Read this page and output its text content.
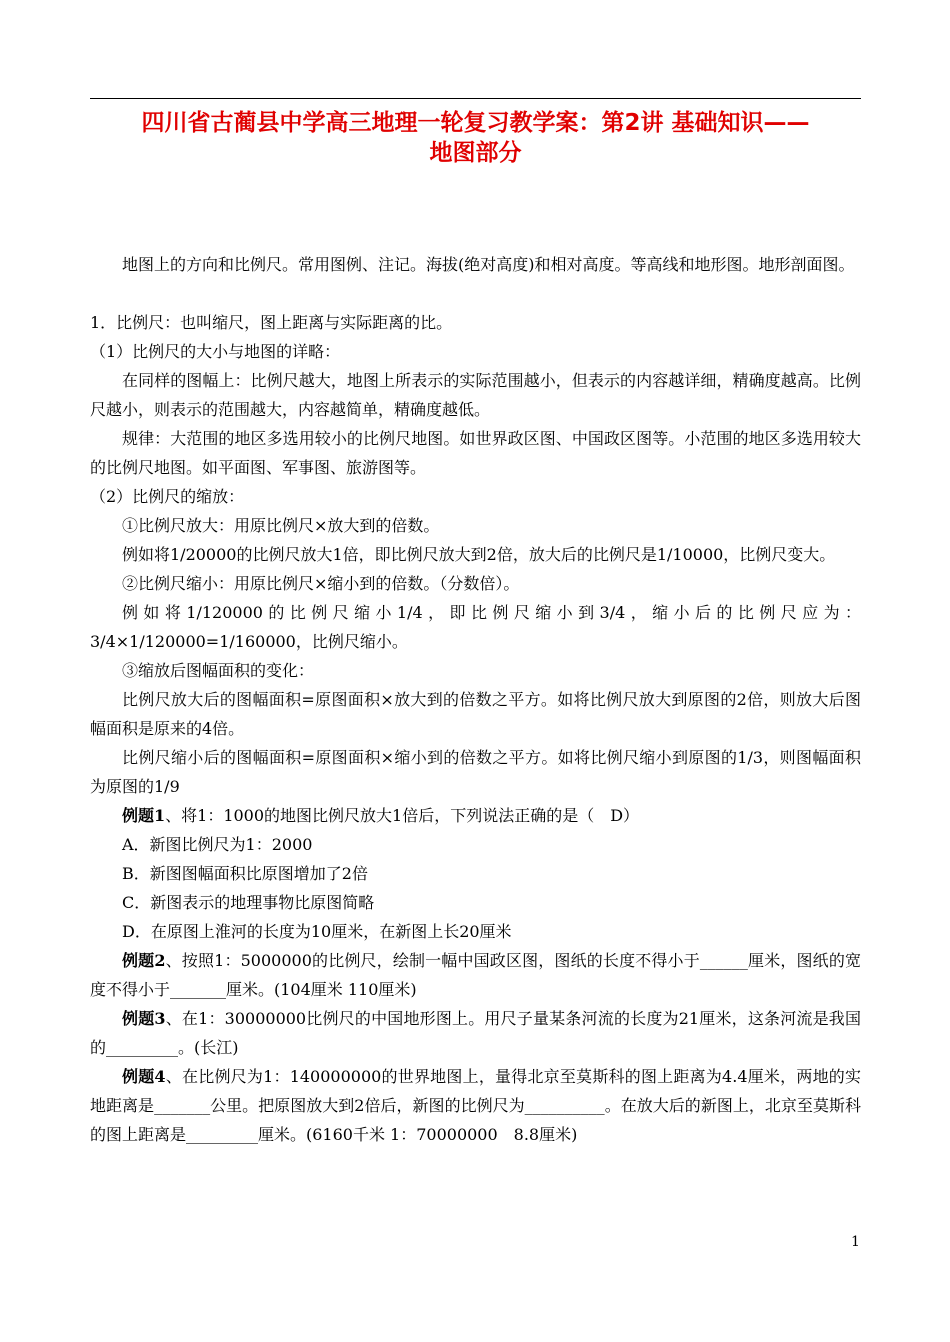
四川省古蔺县中学高三地理一轮复习教学案：第2讲 基础知识——
地图部分

地图上的方向和比例尺。常用图例、注记。海拔(绝对高度)和相对高度。等高线和地形图。地形剖面图。

1．比例尺：也叫缩尺，图上距离与实际距离的比。

（1）比例尺的大小与地图的详略：

在同样的图幅上：比例尺越大，地图上所表示的实际范围越小，但表示的内容越详细，精确度越高。比例尺越小，则表示的范围越大，内容越简单，精确度越低。

规律：大范围的地区多选用较小的比例尺地图。如世界政区图、中国政区图等。小范围的地区多选用较大的比例尺地图。如平面图、军事图、旅游图等。

（2）比例尺的缩放：

①比例尺放大：用原比例尺×放大到的倍数。

例如将1/20000的比例尺放大1倍，即比例尺放大到2倍，放大后的比例尺是1/10000，比例尺变大。

②比例尺缩小：用原比例尺×缩小到的倍数。（分数倍）。

例如将1/120000的比例尺缩小1/4，即比例尺缩小到3/4，缩小后的比例尺应为：3/4×1/120000=1/160000，比例尺缩小。

③缩放后图幅面积的变化：

比例尺放大后的图幅面积=原图面积×放大到的倍数之平方。如将比例尺放大到原图的2倍，则放大后图幅面积是原来的4倍。

比例尺缩小后的图幅面积=原图面积×缩小到的倍数之平方。如将比例尺缩小到原图的1/3，则图幅面积为原图的1/9

例题1、将1：1000的地图比例尺放大1倍后，下列说法正确的是（　D）

A．新图比例尺为1：2000

B．新图图幅面积比原图增加了2倍

C．新图表示的地理事物比原图简略

D．在原图上淮河的长度为10厘米，在新图上长20厘米

例题2、按照1：5000000的比例尺，绘制一幅中国政区图，图纸的长度不得小于______厘米，图纸的宽度不得小于_______厘米。(104厘米 110厘米)

例题3、在1：30000000比例尺的中国地形图上。用尺子量某条河流的长度为21厘米，这条河流是我国的_________。(长江)

例题4、在比例尺为1：140000000的世界地图上，量得北京至莫斯科的图上距离为4.4厘米，两地的实地距离是_______公里。把原图放大到2倍后，新图的比例尺为__________。在放大后的新图上，北京至莫斯科的图上距离是_________厘米。(6160千米 1：70000000　8.8厘米)

1
